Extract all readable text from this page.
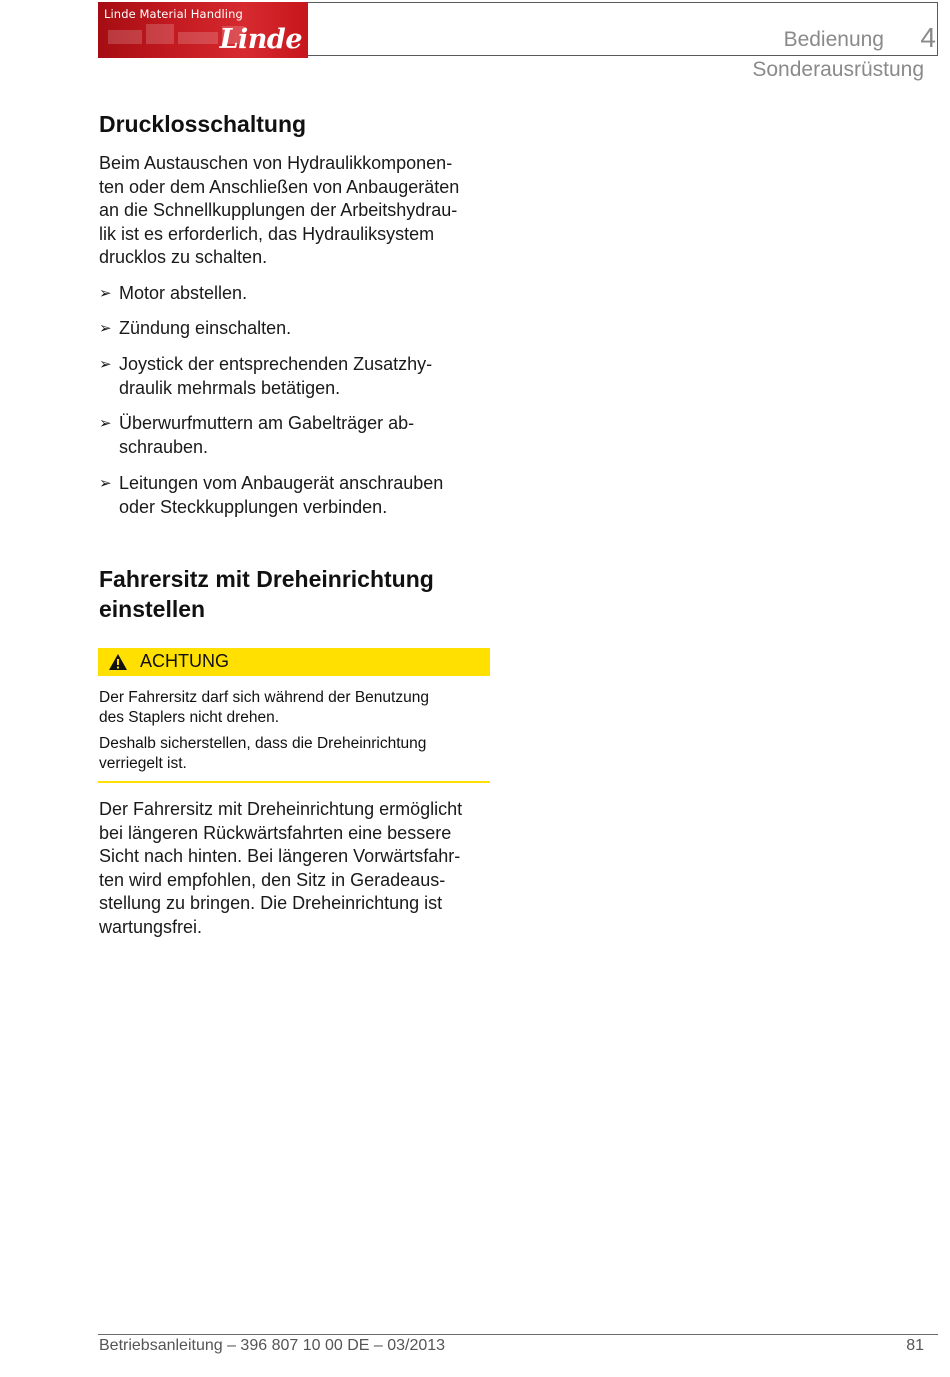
Linde Material Handling
Linde	Bedienung 4
Sonderausrüstung
Drucklosschaltung
Beim Austauschen von Hydraulikkomponen-
ten oder dem Anschließen von Anbaugeräten
an die Schnellkupplungen der Arbeitshydrau-
lik ist es erforderlich, das Hydrauliksystem
drucklos zu schalten.
➢ Motor abstellen.
➢ Zündung einschalten.
➢ Joystick der entsprechenden Zusatzhy-
draulik mehrmals betätigen.
➢ Überwurfmuttern am Gabelträger ab-
schrauben.
➢ Leitungen vom Anbaugerät anschrauben
oder Steckkupplungen verbinden.
Fahrersitz mit Dreheinrichtung
einstellen
ACHTUNG
Der Fahrersitz darf sich während der Benutzung
des Staplers nicht drehen.
Deshalb sicherstellen, dass die Dreheinrichtung
verriegelt ist.
Der Fahrersitz mit Dreheinrichtung ermöglicht
bei längeren Rückwärtsfahrten eine bessere
Sicht nach hinten. Bei längeren Vorwärtsfahr-
ten wird empfohlen, den Sitz in Geradeaus-
stellung zu bringen. Die Dreheinrichtung ist
wartungsfrei.
Betriebsanleitung – 396 807 10 00 DE – 03/2013	81
